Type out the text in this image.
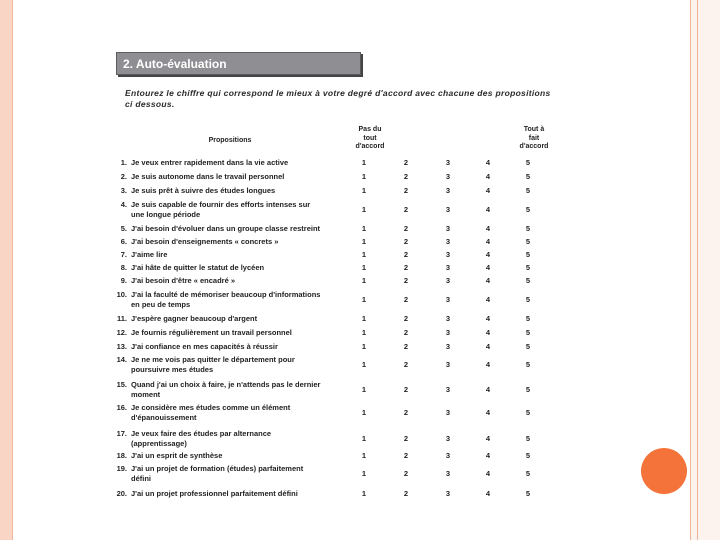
2. Auto-évaluation
Entourez le chiffre qui correspond le mieux à votre degré d'accord avec chacune des propositions ci dessous.
Propositions
Pas du
tout
d'accord
Tout à
fait
d'accord
1. Je veux entrer rapidement dans la vie active	1	2	3	4	5
2. Je suis autonome dans le travail personnel	1	2	3	4	5
3. Je suis prêt à suivre des études longues	1	2	3	4	5
4. Je suis capable de fournir des efforts intenses sur
une longue période	1	2	3	4	5
5. J'ai besoin d'évoluer dans un groupe classe restreint	1	2	3	4	5
6. J'ai besoin d'enseignements « concrets »	1	2	3	4	5
7. J'aime lire	1	2	3	4	5
8. J'ai hâte de quitter le statut de lycéen	1	2	3	4	5
9. J'ai besoin d'être « encadré »	1	2	3	4	5
10. J'ai la faculté de mémoriser beaucoup d'informations
en peu de temps	1	2	3	4	5
11. J'espère gagner beaucoup d'argent	1	2	3	4	5
12. Je fournis régulièrement un travail personnel	1	2	3	4	5
13. J'ai confiance en mes capacités à réussir	1	2	3	4	5
14. Je ne me vois pas quitter le département pour
poursuivre mes études	1	2	3	4	5
15. Quand j'ai un choix à faire, je n'attends pas le dernier
moment	1	2	3	4	5
16. Je considère mes études comme un élément
d'épanouissement	1	2	3	4	5
17. Je veux faire des études par alternance
(apprentissage)	1	2	3	4	5
18. J'ai un esprit de synthèse	1	2	3	4	5
19. J'ai un projet de formation (études) parfaitement
défini	1	2	3	4	5
20. J'ai un projet professionnel parfaitement défini	1	2	3	4	5
